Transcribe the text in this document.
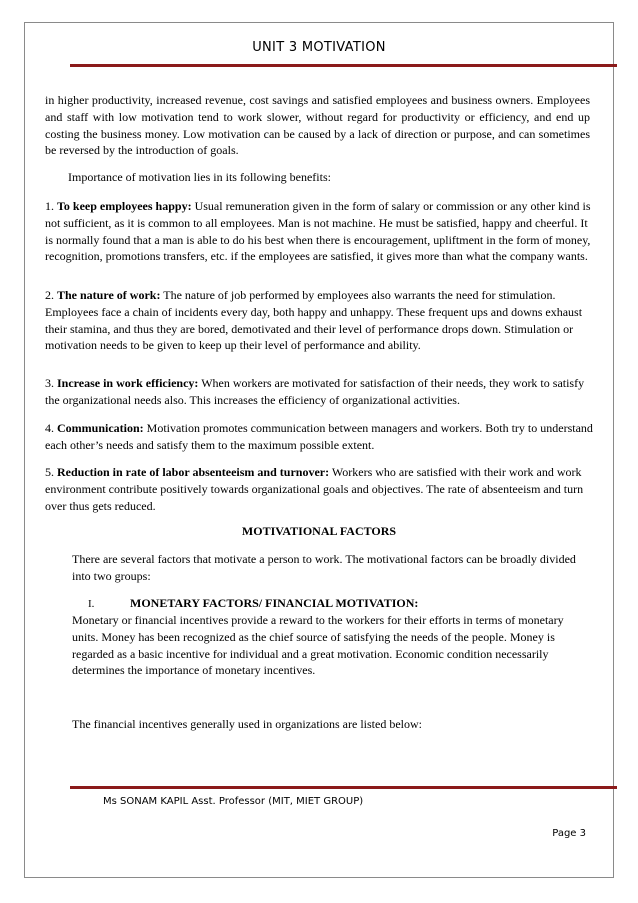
UNIT 3 MOTIVATION
in higher productivity, increased revenue, cost savings and satisfied employees and business owners. Employees and staff with low motivation tend to work slower, without regard for productivity or efficiency, and end up costing the business money. Low motivation can be caused by a lack of direction or purpose, and can sometimes be reversed by the introduction of goals.
Importance of motivation lies in its following benefits:
1. To keep employees happy: Usual remuneration given in the form of salary or commission or any other kind is not sufficient, as it is common to all employees. Man is not machine. He must be satisfied, happy and cheerful. It is normally found that a man is able to do his best when there is encouragement, upliftment in the form of money, recognition, promotions transfers, etc. if the employees are satisfied, it gives more than what the company wants.
2. The nature of work: The nature of job performed by employees also warrants the need for stimulation. Employees face a chain of incidents every day, both happy and unhappy. These frequent ups and downs exhaust their stamina, and thus they are bored, demotivated and their level of performance drops down. Stimulation or motivation needs to be given to keep up their level of performance and ability.
3. Increase in work efficiency: When workers are motivated for satisfaction of their needs, they work to satisfy the organizational needs also. This increases the efficiency of organizational activities.
4. Communication: Motivation promotes communication between managers and workers. Both try to understand each other’s needs and satisfy them to the maximum possible extent.
5. Reduction in rate of labor absenteeism and turnover: Workers who are satisfied with their work and work environment contribute positively towards organizational goals and objectives. The rate of absenteeism and turn over thus gets reduced.
MOTIVATIONAL FACTORS
There are several factors that motivate a person to work. The motivational factors can be broadly divided into two groups:
I.	MONETARY FACTORS/ FINANCIAL MOTIVATION:
Monetary or financial incentives provide a reward to the workers for their efforts in terms of monetary units. Money has been recognized as the chief source of satisfying the needs of the people. Money is regarded as a basic incentive for individual and a great motivation. Economic condition necessarily determines the importance of monetary incentives.
The financial incentives generally used in organizations are listed below:
Ms SONAM KAPIL Asst. Professor (MIT, MIET GROUP)
Page 3
